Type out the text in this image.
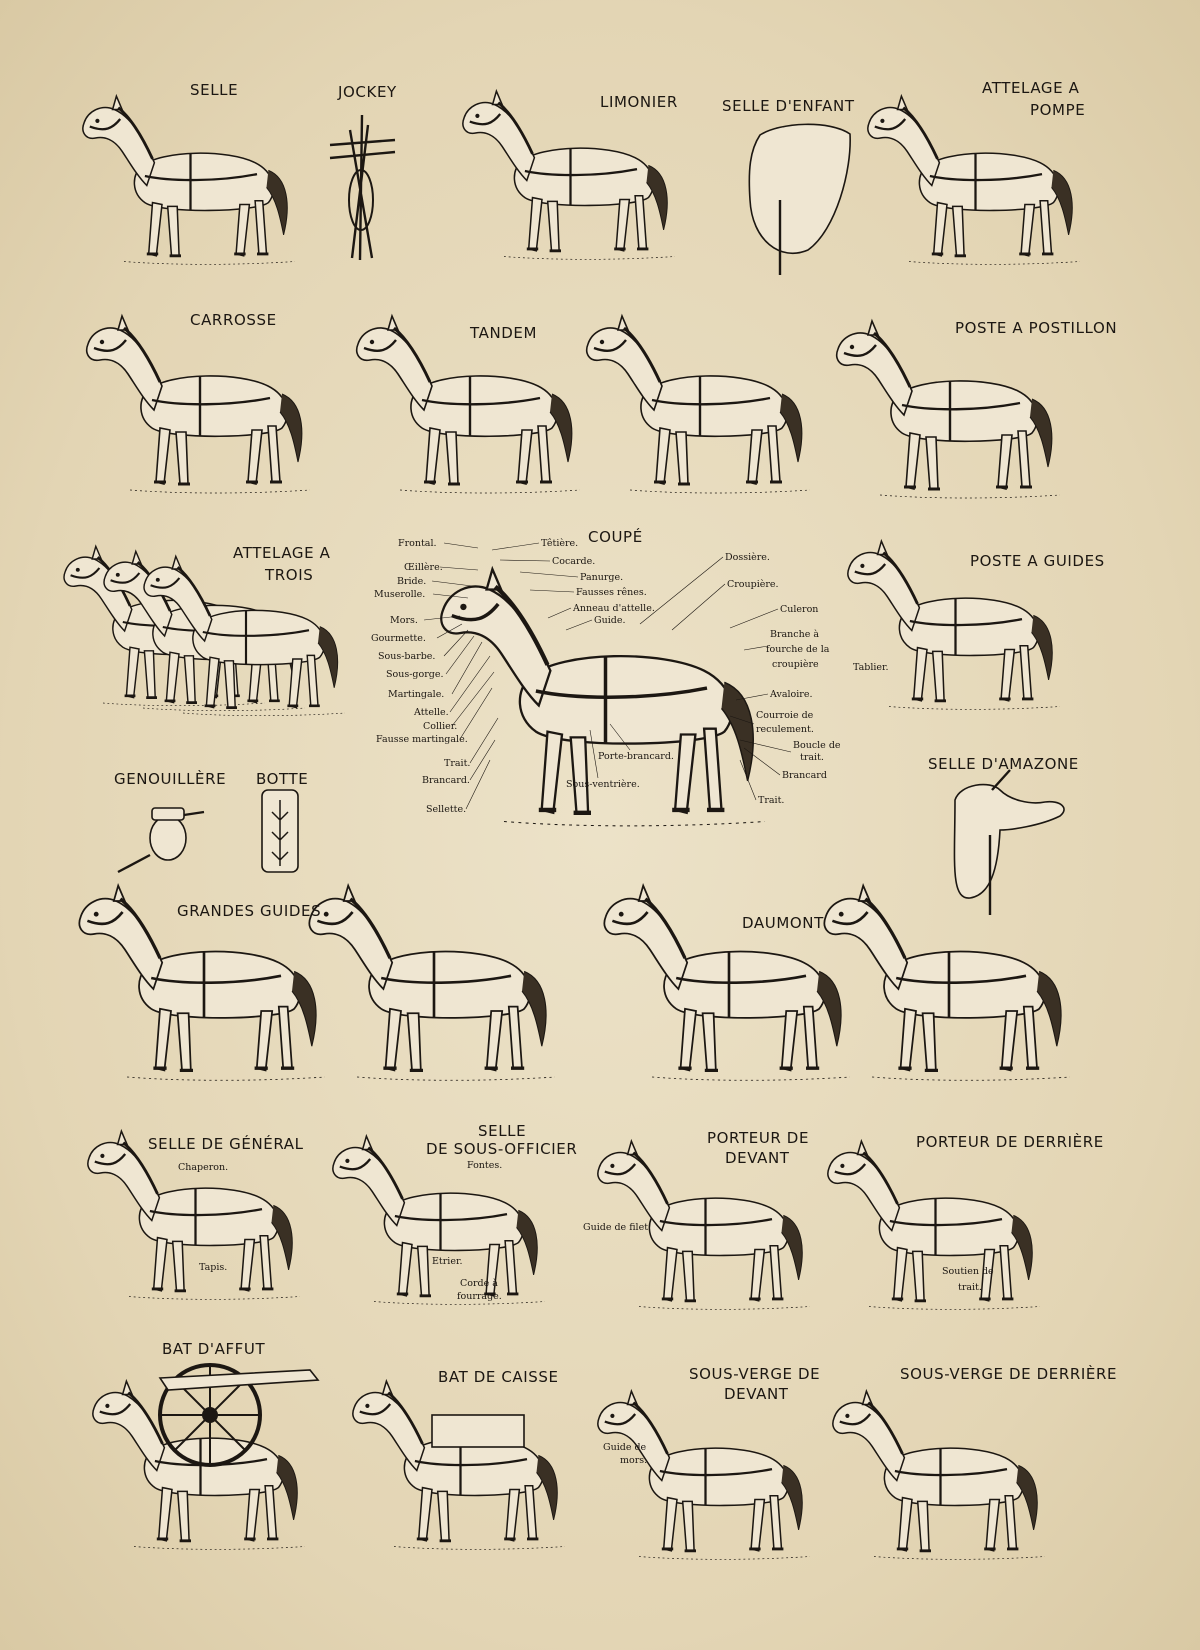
SELLE	JOCKEY
LIMONIER	SELLE D'ENFANT
ATTELAGE A
POMPE
CARROSSE
TANDEM	POSTE A POSTILLON
ATTELAGE A
TROIS
COUPÉ
Frontal.
Œillère.
Bride.
Muserolle.
Mors.
Gourmette.
Sous-barbe.
Sous-gorge.
Martingale.
Attelle.
Collier.
Fausse martingale.
Trait.
Brancard.
Sellette.
Têtière.
Cocarde.
Panurge.
Fausses rênes.
Anneau d'attelle.
Guide.
Dossière.
Croupière.
Culeron
Branche à
fourche de la
croupière
Avaloire.
Courroie de
reculement.
Boucle de
trait.
Brancard
Trait.
Porte-brancard.
Sous-ventrière.
POSTE A GUIDES
Tablier.
GENOUILLÈRE BOTTE
SELLE D'AMAZONE
GRANDES GUIDES
DAUMONT
SELLE DE GÉNÉRAL
Chaperon.
Tapis.
SELLE
DE SOUS-OFFICIER
Fontes.
Etrier.
Corde à
fourrage.
PORTEUR DE
DEVANT
Guide de filet.
PORTEUR DE DERRIÈRE
Soutien de
trait.
BAT D'AFFUT
BAT DE CAISSE	SOUS-VERGE DE
DEVANT
Guide de
mors.
SOUS-VERGE DE DERRIÈRE
